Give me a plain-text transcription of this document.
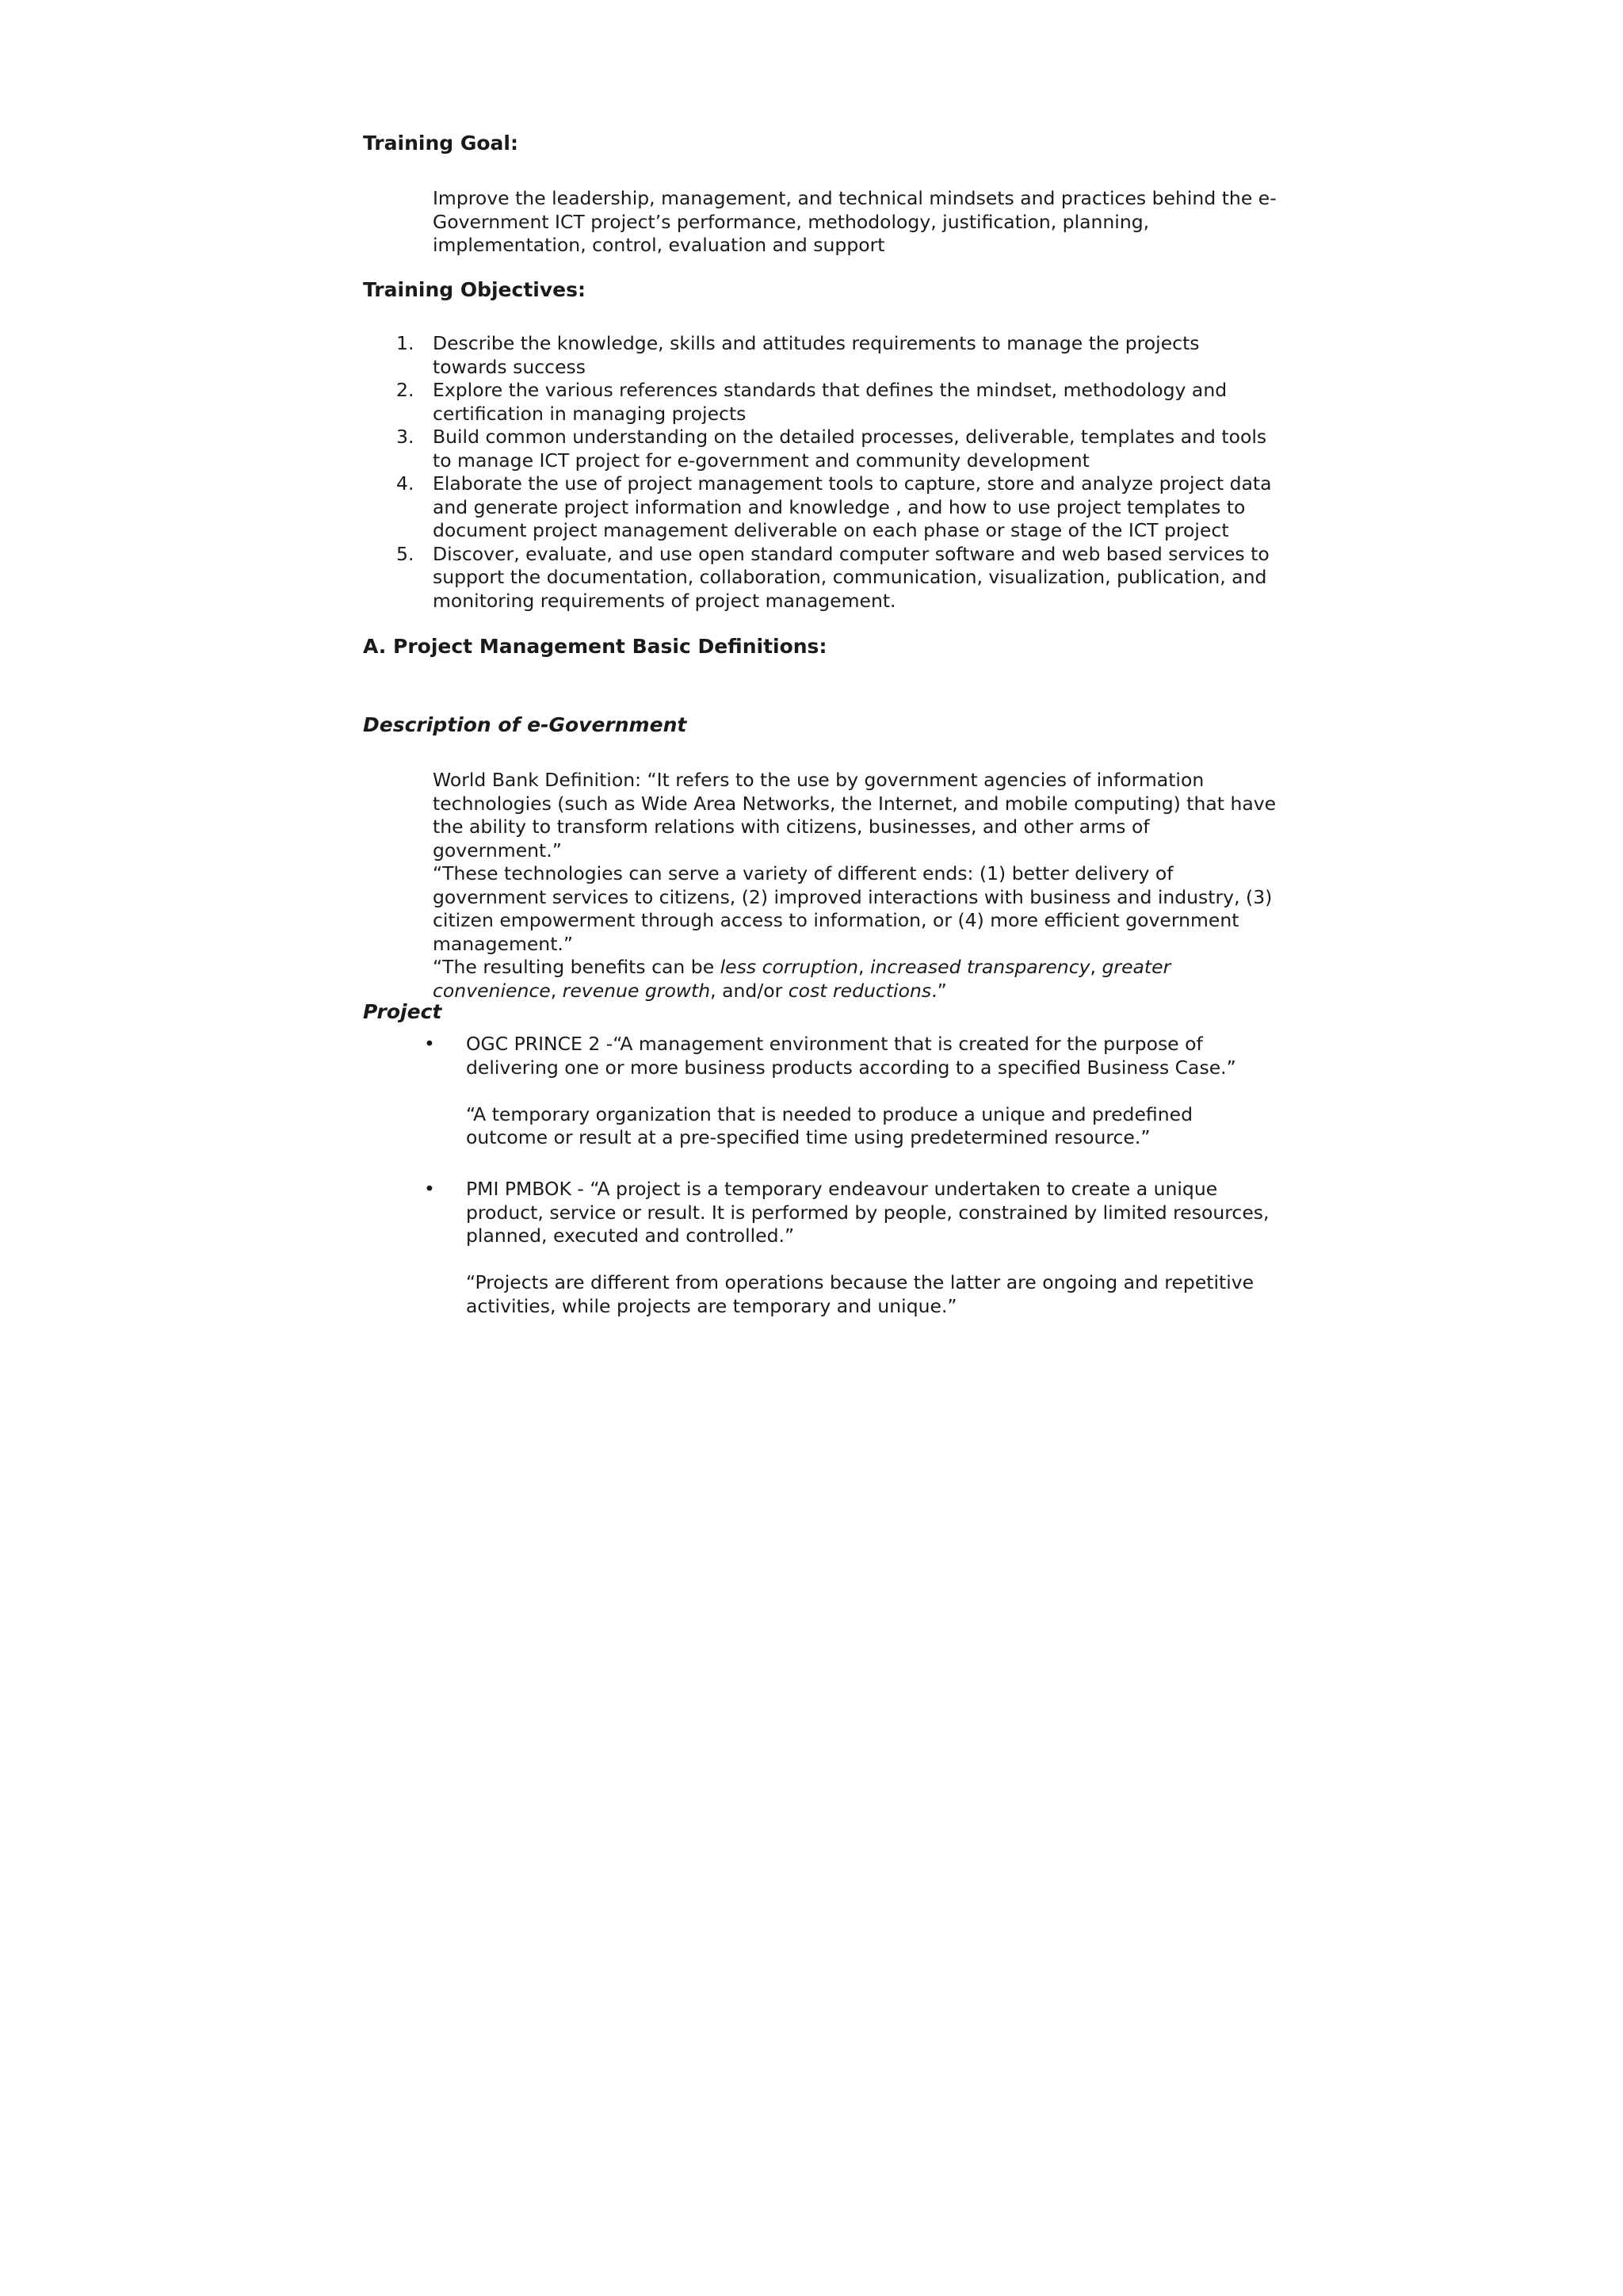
Training Goal:

Improve the leadership, management, and technical mindsets and practices behind the e-Government ICT project’s performance, methodology, justification, planning, implementation, control, evaluation and support

Training Objectives:
1. Describe the knowledge, skills and attitudes requirements to manage the projects towards success
2. Explore the various references standards that defines the mindset, methodology and certification in managing projects
3. Build common understanding on the detailed processes, deliverable, templates and tools to manage ICT project for e-government and community development
4. Elaborate the use of project management tools to capture, store and analyze project data and generate project information and knowledge , and how to use project templates to document project management deliverable on each phase or stage of the ICT project
5. Discover, evaluate, and use open standard computer software and web based services to support the documentation, collaboration, communication, visualization, publication, and monitoring requirements of project management.
A. Project Management Basic Definitions:
Description of e-Government

World Bank Definition: “It refers to the use by government agencies of information technologies (such as Wide Area Networks, the Internet, and mobile computing) that have the ability to transform relations with citizens, businesses, and other arms of government.”

“These technologies can serve a variety of different ends: (1) better delivery of government services to citizens, (2) improved interactions with business and industry, (3) citizen empowerment through access to information, or (4) more efficient government management.”

“The resulting benefits can be less corruption, increased transparency, greater convenience, revenue growth, and/or cost reductions.”

Project
• OGC PRINCE 2 -“A management environment that is created for the purpose of delivering one or more business products according to a specified Business Case.”

“A temporary organization that is needed to produce a unique and predefined outcome or result at a pre-specified time using predetermined resource.”

• PMI PMBOK - “A project is a temporary endeavour undertaken to create a unique product, service or result. It is performed by people, constrained by limited resources, planned, executed and controlled.”

“Projects are different from operations because the latter are ongoing and repetitive activities, while projects are temporary and unique.”
